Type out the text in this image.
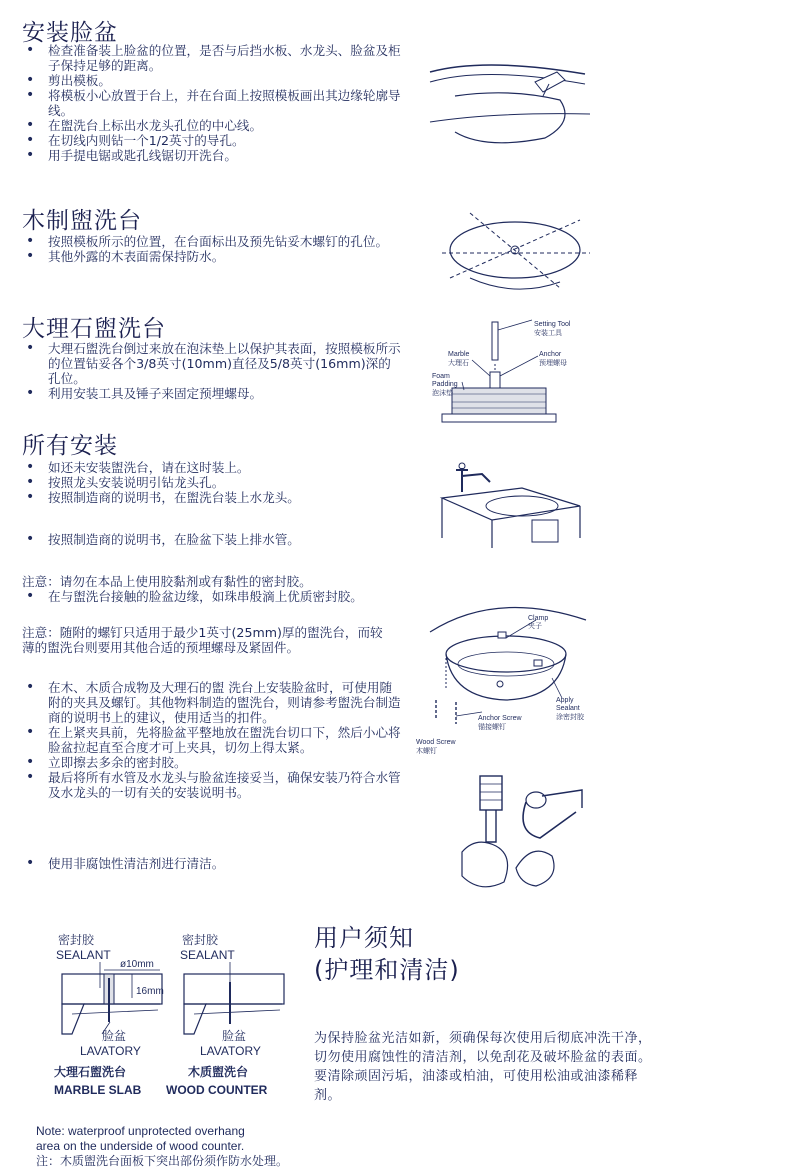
安装脸盆
• 检查准备装上脸盆的位置，是否与后挡水板、水龙头、脸盆及柜子保持足够的距离。
• 剪出模板。
• 将模板小心放置于台上，并在台面上按照模板画出其边缘轮廓导线。
• 在盥洗台上标出水龙头孔位的中心线。
• 在切线内则钻一个1/2英寸的导孔。
• 用手提电锯或匙孔线锯切开洗台。
木制盥洗台
• 按照模板所示的位置，在台面标出及预先钻妥木螺钉的孔位。
• 其他外露的木表面需保持防水。
大理石盥洗台
• 大理石盥洗台倒过来放在泡沫垫上以保护其表面，按照模板所示的位置钻妥各个3/8英寸(10mm)直径及5/8英寸(16mm)深的孔位。
• 利用安装工具及锤子来固定预埋螺母。
所有安装
• 如还未安装盥洗台，请在这时装上。
• 按照龙头安装说明引钻龙头孔。
• 按照制造商的说明书，在盥洗台装上水龙头。
• 按照制造商的说明书，在脸盆下装上排水管。
注意：请勿在本品上使用胶黏剂或有黏性的密封胶。
• 在与盥洗台接触的脸盆边缘，如珠串般滴上优质密封胶。
注意：随附的螺钉只适用于最少1英寸(25mm)厚的盥洗台，而较薄的盥洗台则要用其他合适的预埋螺母及紧固件。
• 在木、木质合成物及大理石的盥 洗台上安装脸盆时，可使用随附的夹具及螺钉。其他物料制造的盥洗台，则请参考盥洗台制造商的说明书上的建议，使用适当的扣件。
• 在上紧夹具前，先将脸盆平整地放在盥洗台切口下，然后小心将脸盆拉起直至合度才可上夹具，切勿上得太紧。
• 立即擦去多余的密封胶。
• 最后将所有水管及水龙头与脸盆连接妥当，确保安装乃符合水管及水龙头的一切有关的安装说明书。
• 使用非腐蚀性清洁剂进行清洁。
用户须知
(护理和清洁)
为保持脸盆光洁如新，须确保每次使用后彻底冲洗干净，切勿使用腐蚀性的清洁剂，以免刮花及破坏脸盆的表面。要清除顽固污垢，油漆或柏油，可使用松油或油漆稀释剂。
Note: waterproof unprotected overhang
area on the underside of wood counter.
注：木质盥洗台面板下突出部份须作防水处理。
Setting Tool
安装工具
Anchor
预埋螺母
Marble
大理石
Foam
Padding
泡沫垫
Clamp
夹子
Apply
Sealant
涂密封胶
Anchor Screw
锚接螺钉
Wood Screw
木螺钉
密封胶
SEALANT
ø10mm
16mm
脸盆
LAVATORY
大理石盥洗台
MARBLE SLAB
密封胶
SEALANT
脸盆
LAVATORY
木质盥洗台
WOOD COUNTER
